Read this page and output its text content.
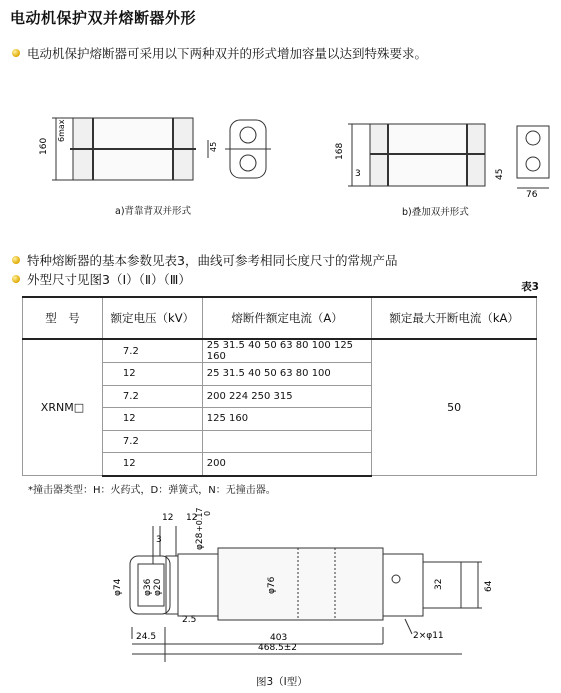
电动机保护双并熔断器外形
电动机保护熔断器可采用以下两种双并的形式增加容量以达到特殊要求。
160
6max
45
a)背靠背双并形式
168
3	45
76
b)叠加双并形式
特种熔断器的基本参数见表3，曲线可参考相同长度尺寸的常规产品
外型尺寸见图3（Ⅰ）（Ⅱ）（Ⅲ）	表3
型　号	额定电压（kV）	熔断件额定电流（A）	额定最大开断电流（kA）
XRNM□	7.2	25 31.5 40 50 63 80 100 125 160	50
	12	25 31.5 40 50 63 80 100	
	7.2	200 224 250 315	
	12	125 160	
	7.2		
	12	200	
*撞击器类型：H：火药式，D：弹簧式，N：无撞击器。
12 12
+0.17 0
φ28
3
φ74 φ36 φ20	φ76	32	64
2.5
24.5	403
468.5±2
2×φ11
图3（Ⅰ型）
